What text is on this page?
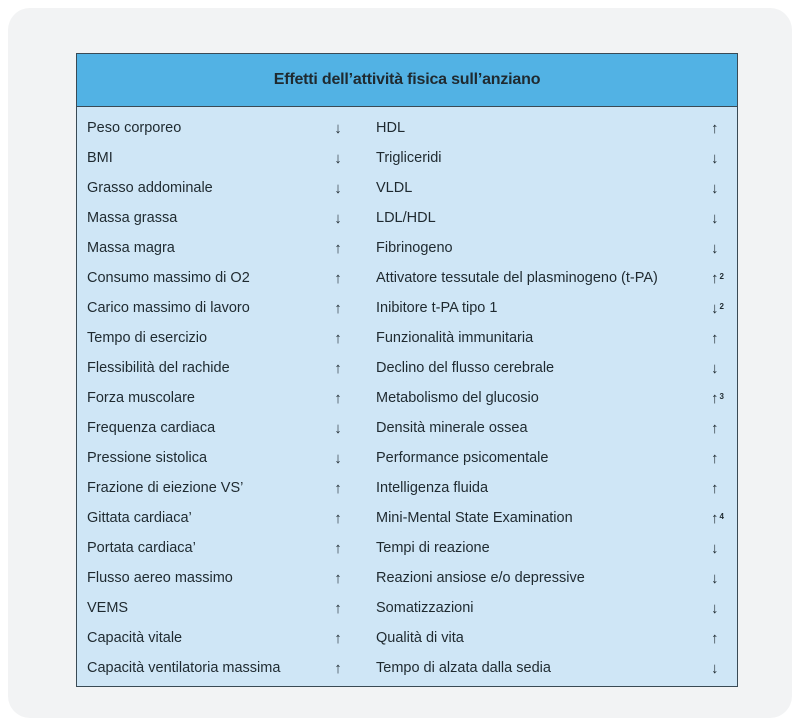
Effetti dell’attività fisica sull’anziano
Peso corporeo	↓ HDL	↑
BMI	↓ Trigliceridi	↓
Grasso addominale	↓ VLDL	↓
Massa grassa	↓ LDL/HDL	↓
Massa magra	↑ Fibrinogeno	↓
Consumo massimo di O2	↑ Attivatore tessutale del plasminogeno (t-PA)	↑$^2$
Carico massimo di lavoro	↑ Inibitore t-PA tipo 1	↓$^2$
Tempo di esercizio	↑ Funzionalità immunitaria	↑
Flessibilità del rachide	↑ Declino del flusso cerebrale	↓
Forza muscolare	↑ Metabolismo del glucosio	↑$^3$
Frequenza cardiaca	↓ Densità minerale ossea	↑
Pressione sistolica	↓ Performance psicomentale	↑
Frazione di eiezione VS’	↑ Intelligenza fluida	↑
Gittata cardiaca’	↑ Mini-Mental State Examination	↑$^4$
Portata cardiaca’	↑ Tempi di reazione	↓
Flusso aereo massimo	↑ Reazioni ansiose e/o depressive	↓
VEMS	↑ Somatizzazioni	↓
Capacità vitale	↑ Qualità di vita	↑
Capacità ventilatoria massima	↑ Tempo di alzata dalla sedia	↓
